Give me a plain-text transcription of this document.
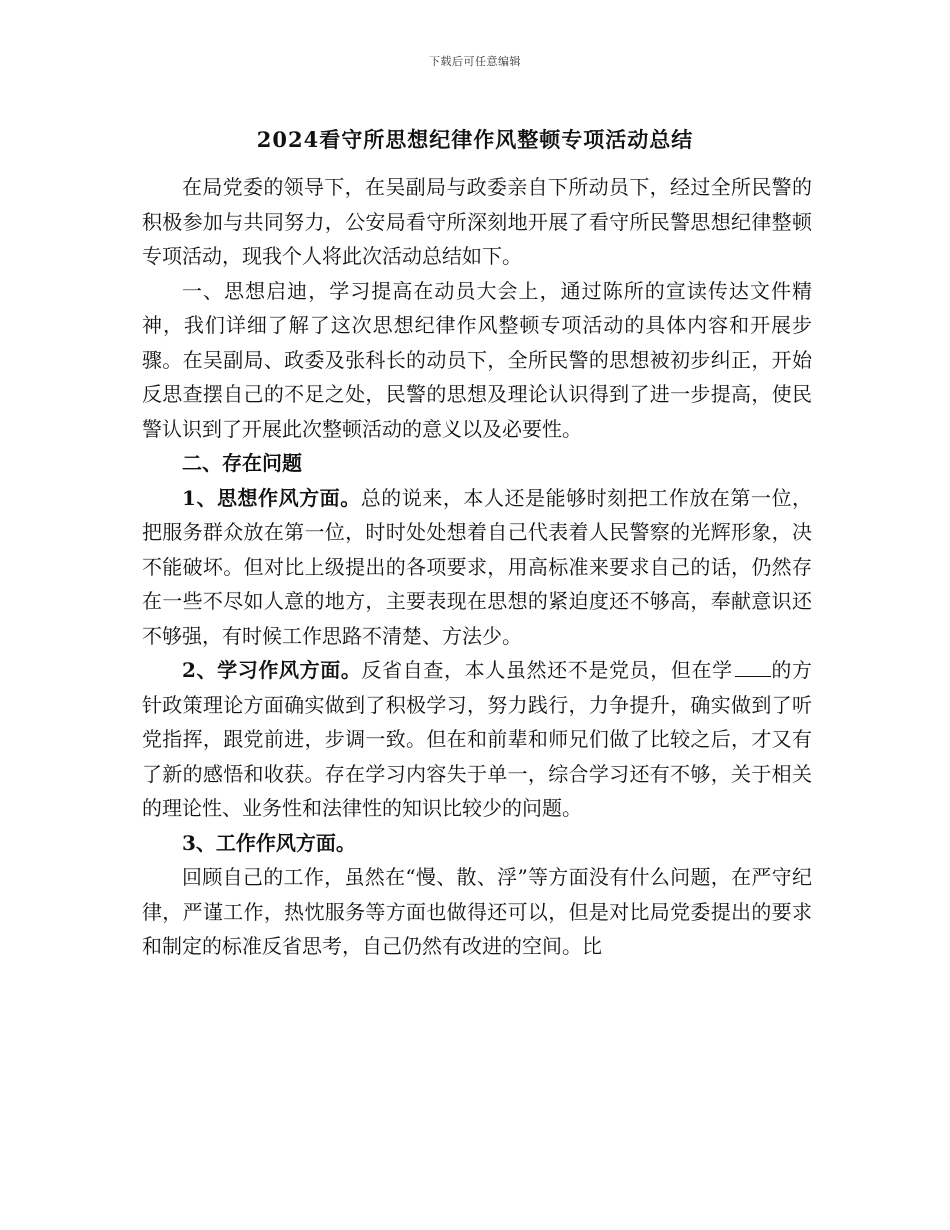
下载后可任意编辑
2024看守所思想纪律作风整顿专项活动总结

在局党委的领导下，在吴副局与政委亲自下所动员下，经过全所民警的积极参加与共同努力，公安局看守所深刻地开展了看守所民警思想纪律整顿专项活动，现我个人将此次活动总结如下。

一、思想启迪，学习提高在动员大会上，通过陈所的宣读传达文件精神，我们详细了解了这次思想纪律作风整顿专项活动的具体内容和开展步骤。在吴副局、政委及张科长的动员下，全所民警的思想被初步纠正，开始反思查摆自己的不足之处，民警的思想及理论认识得到了进一步提高，使民警认识到了开展此次整顿活动的意义以及必要性。

二、存在问题

1、思想作风方面。总的说来，本人还是能够时刻把工作放在第一位，把服务群众放在第一位，时时处处想着自己代表着人民警察的光辉形象，决不能破坏。但对比上级提出的各项要求，用高标准来要求自己的话，仍然存在一些不尽如人意的地方，主要表现在思想的紧迫度还不够高，奉献意识还不够强，有时候工作思路不清楚、方法少。

2、学习作风方面。反省自查，本人虽然还不是党员，但在学 的方针政策理论方面确实做到了积极学习，努力践行，力争提升，确实做到了听党指挥，跟党前进，步调一致。但在和前辈和师兄们做了比较之后，才又有了新的感悟和收获。存在学习内容失于单一，综合学习还有不够，关于相关的理论性、业务性和法律性的知识比较少的问题。

3、工作作风方面。

回顾自己的工作，虽然在“慢、散、浮”等方面没有什么问题，在严守纪律，严谨工作，热忱服务等方面也做得还可以，但是对比局党委提出的要求和制定的标准反省思考，自己仍然有改进的空间。比
